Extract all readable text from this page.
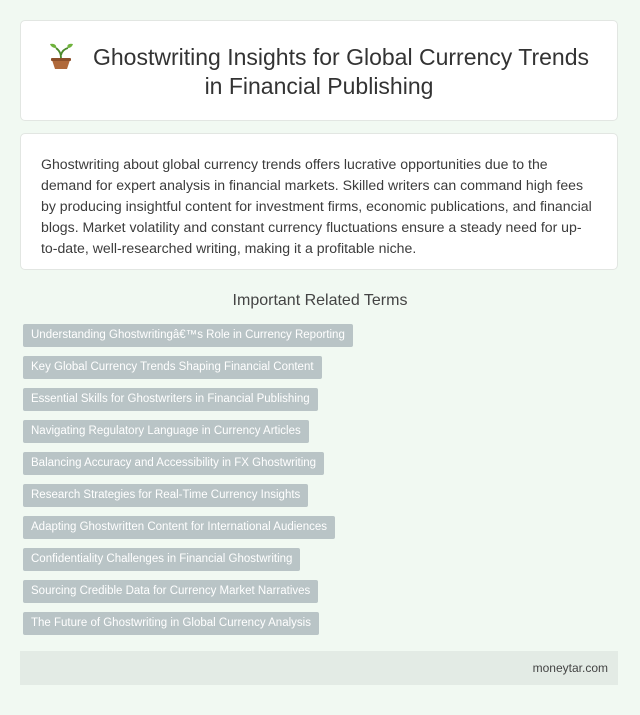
Ghostwriting Insights for Global Currency Trends in Financial Publishing

Ghostwriting about global currency trends offers lucrative opportunities due to the demand for expert analysis in financial markets. Skilled writers can command high fees by producing insightful content for investment firms, economic publications, and financial blogs. Market volatility and constant currency fluctuations ensure a steady need for up-to-date, well-researched writing, making it a profitable niche.

Important Related Terms
Understanding Ghostwritingâ€™s Role in Currency Reporting
Key Global Currency Trends Shaping Financial Content
Essential Skills for Ghostwriters in Financial Publishing
Navigating Regulatory Language in Currency Articles
Balancing Accuracy and Accessibility in FX Ghostwriting
Research Strategies for Real-Time Currency Insights
Adapting Ghostwritten Content for International Audiences
Confidentiality Challenges in Financial Ghostwriting
Sourcing Credible Data for Currency Market Narratives
The Future of Ghostwriting in Global Currency Analysis
moneytar.com
